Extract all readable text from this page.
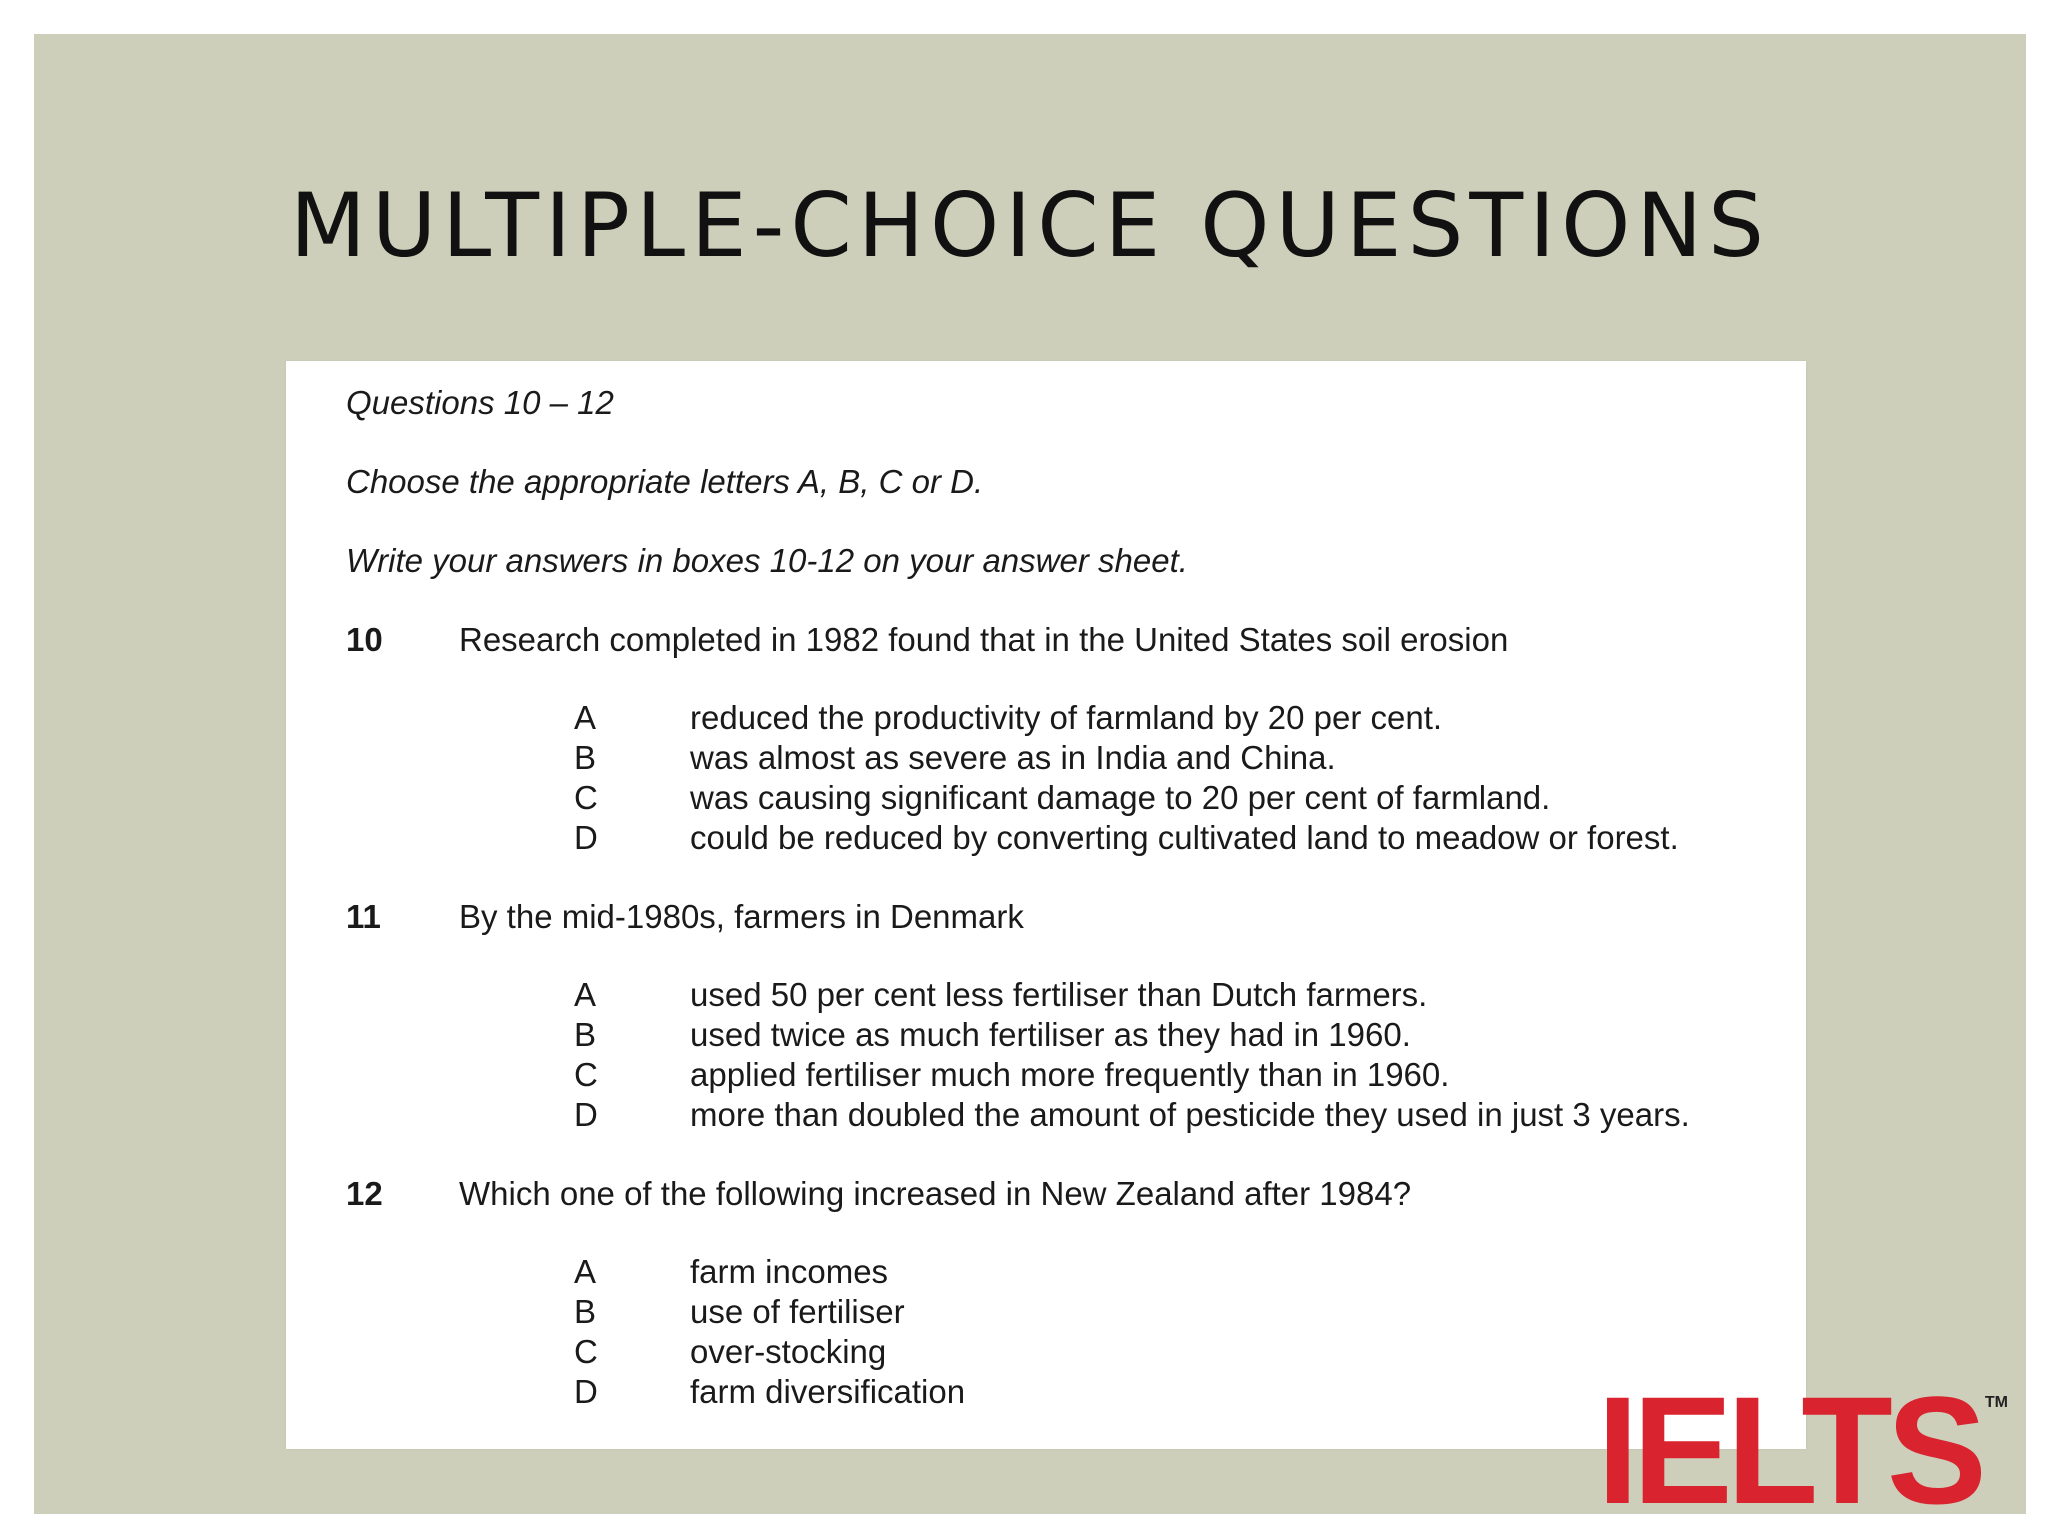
MULTIPLE-CHOICE QUESTIONS

Questions 10 – 12

Choose the appropriate letters A, B, C or D.

Write your answers in boxes 10-12 on your answer sheet.

10	Research completed in 1982 found that in the United States soil erosion
A	reduced the productivity of farmland by 20 per cent.
B	was almost as severe as in India and China.
C	was causing significant damage to 20 per cent of farmland.
D	could be reduced by converting cultivated land to meadow or forest.
11	By the mid-1980s, farmers in Denmark
A	used 50 per cent less fertiliser than Dutch farmers.
B	used twice as much fertiliser as they had in 1960.
C	applied fertiliser much more frequently than in 1960.
D	more than doubled the amount of pesticide they used in just 3 years.
12	Which one of the following increased in New Zealand after 1984?
A	farm incomes
B	use of fertiliser
C	over-stocking
D	farm diversification	IELTS TM
